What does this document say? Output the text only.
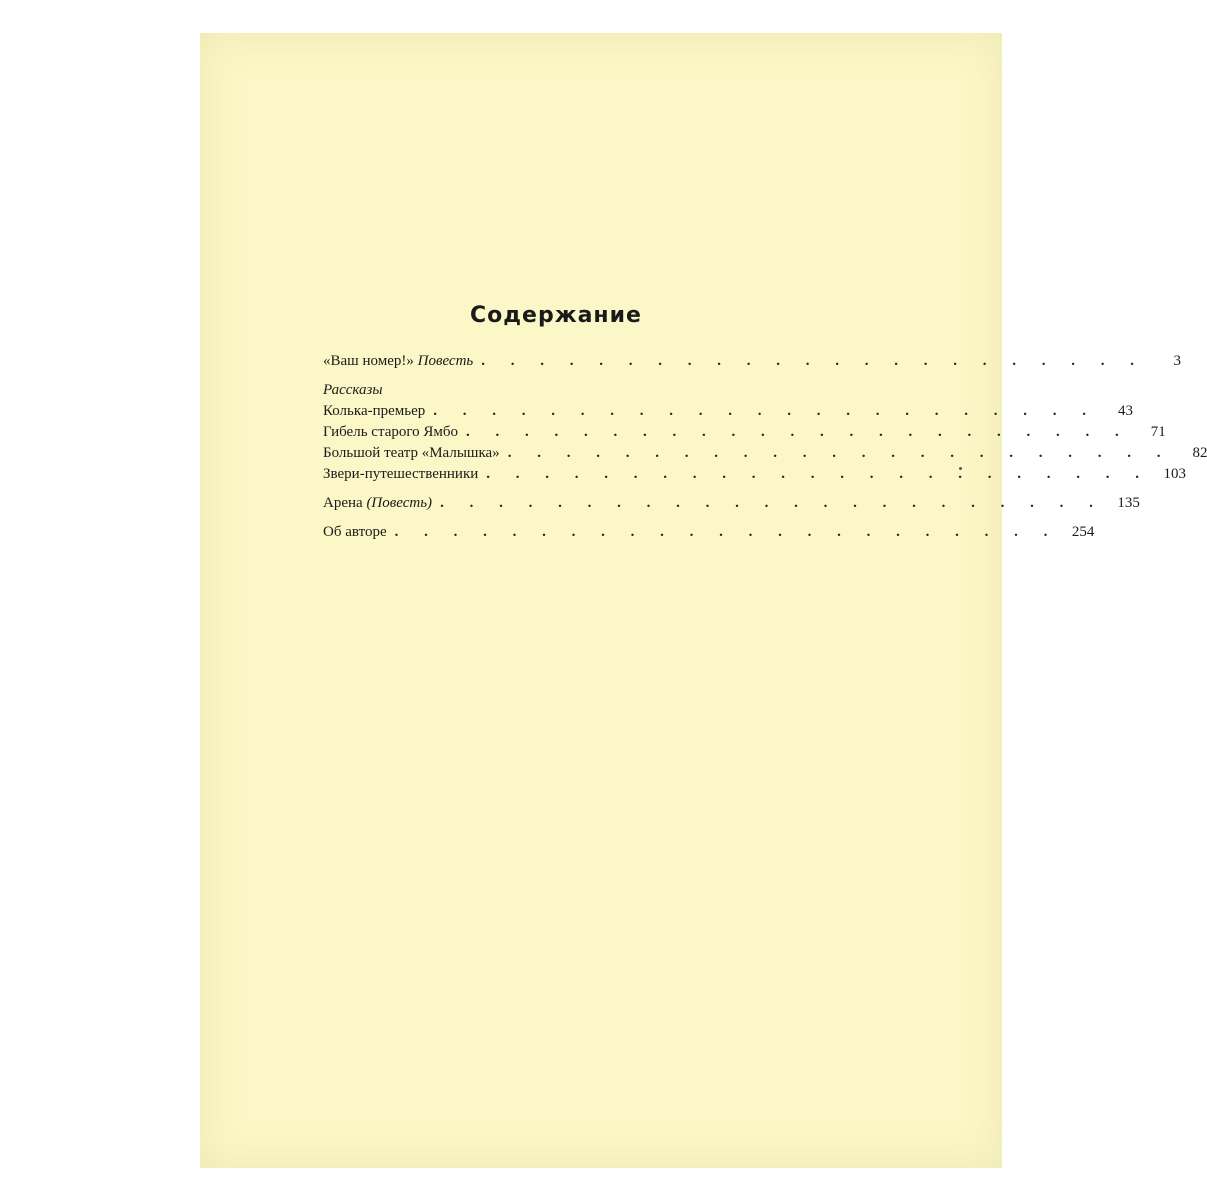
Содержание
«Ваш номер!» Повесть . . . . . . . . . . . . . . . . . . . . . . .	3
Рассказы
Колька-премьер . . . . . . . . . . . . . . . . . . . . . . .	43
Гибель старого Ямбо . . . . . . . . . . . . . . . . . . . . . . .	71
Большой театр «Малышка» . . . . . . . . . . . . . . . . . . . . . . .	82
Звери-путешественники . . . . . . . . . . . . . . . . . . . . . . . 103
Арена (Повесть) . . . . . . . . . . . . . . . . . . . . . . . 135
Об авторе . . . . . . . . . . . . . . . . . . . . . . . 254
